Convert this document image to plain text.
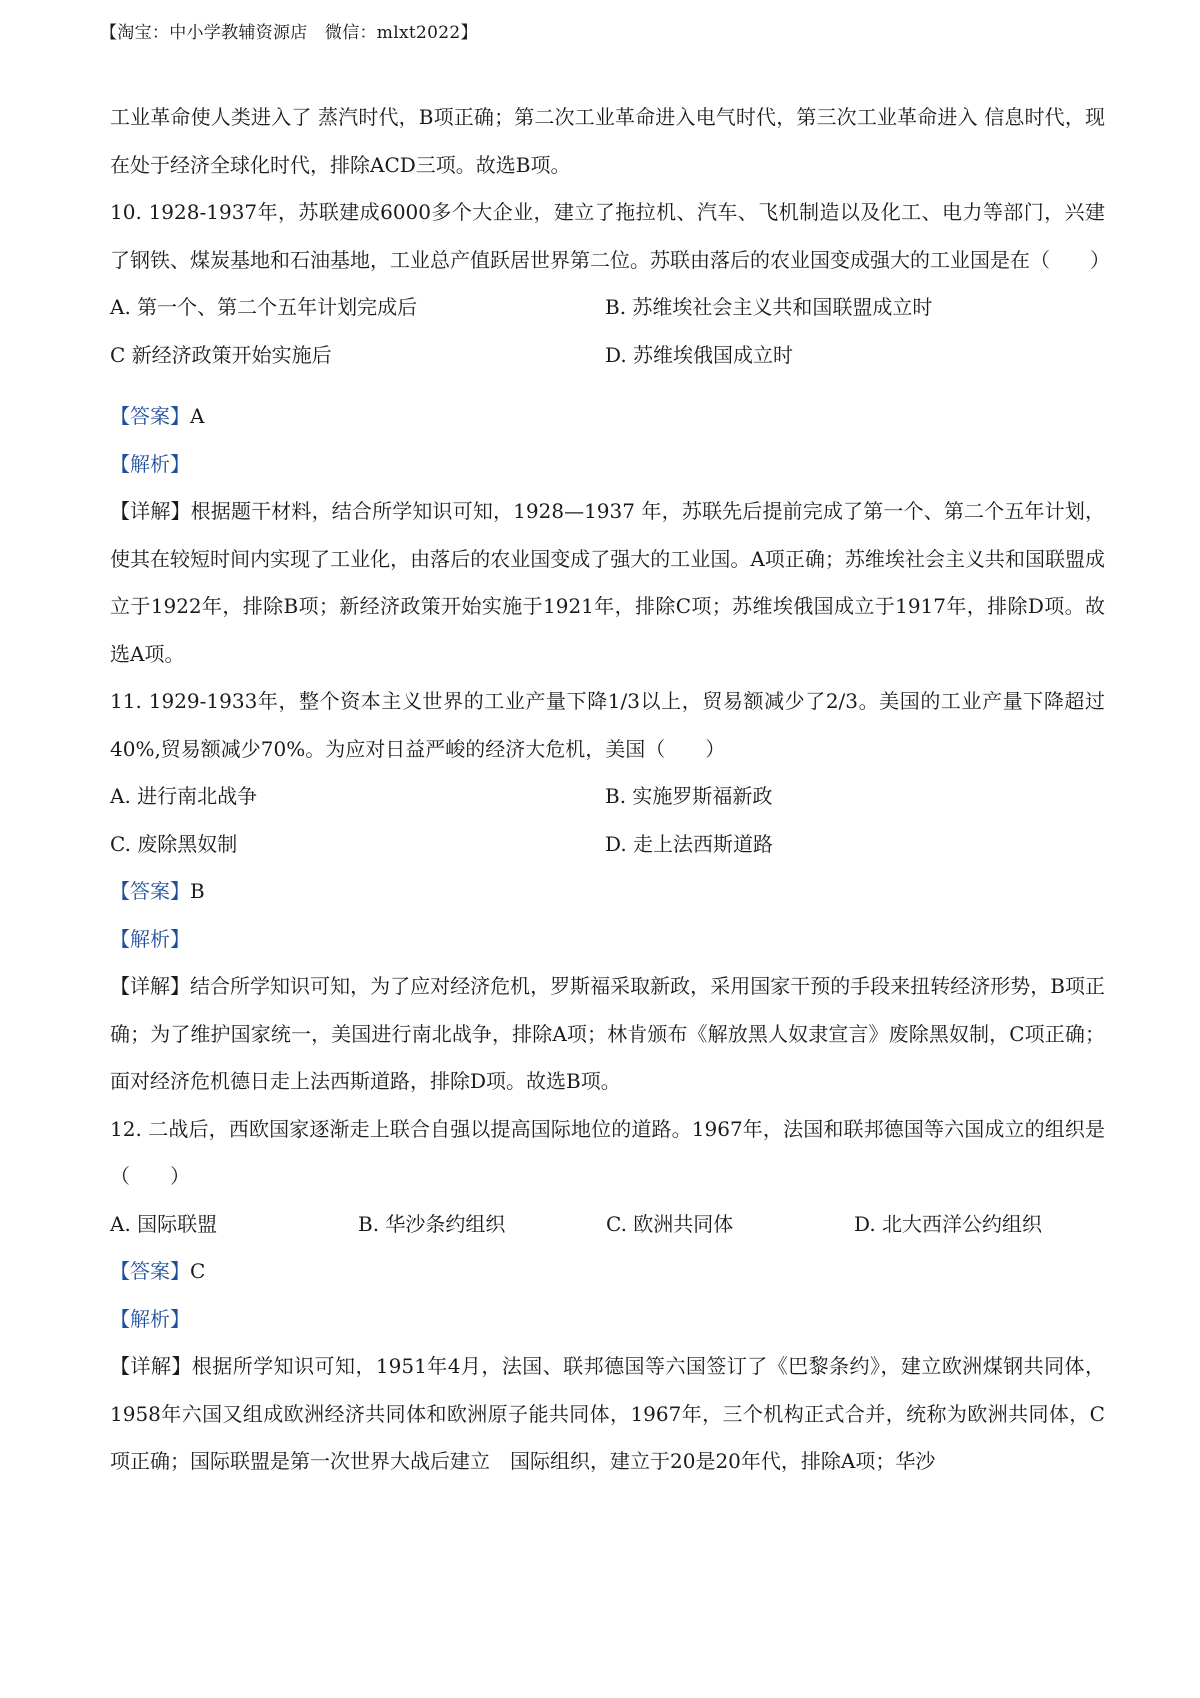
【淘宝：中小学教辅资源店　微信：mlxt2022】

工业革命使人类进入了 蒸汽时代，B项正确；第二次工业革命进入电气时代，第三次工业革命进入 信息时代，现在处于经济全球化时代，排除ACD三项。故选B项。

10. 1928-1937年，苏联建成6000多个大企业，建立了拖拉机、汽车、飞机制造以及化工、电力等部门，兴建了钢铁、煤炭基地和石油基地，工业总产值跃居世界第二位。苏联由落后的农业国变成强大的工业国是在（　　）

A. 第一个、第二个五年计划完成后	B. 苏维埃社会主义共和国联盟成立时
C 新经济政策开始实施后	D. 苏维埃俄国成立时

【答案】A

【解析】

【详解】根据题干材料，结合所学知识可知，1928—1937 年，苏联先后提前完成了第一个、第二个五年计划，使其在较短时间内实现了工业化，由落后的农业国变成了强大的工业国。A项正确；苏维埃社会主义共和国联盟成立于1922年，排除B项；新经济政策开始实施于1921年，排除C项；苏维埃俄国成立于1917年，排除D项。故选A项。

11. 1929-1933年，整个资本主义世界的工业产量下降1/3以上，贸易额减少了2/3。美国的工业产量下降超过40%,贸易额减少70%。为应对日益严峻的经济大危机，美国（　　）

A. 进行南北战争	B. 实施罗斯福新政
C. 废除黑奴制	D. 走上法西斯道路

【答案】B

【解析】

【详解】结合所学知识可知，为了应对经济危机，罗斯福采取新政，采用国家干预的手段来扭转经济形势，B项正确；为了维护国家统一，美国进行南北战争，排除A项；林肯颁布《解放黑人奴隶宣言》废除黑奴制，C项正确；面对经济危机德日走上法西斯道路，排除D项。故选B项。

12. 二战后，西欧国家逐渐走上联合自强以提高国际地位的道路。1967年，法国和联邦德国等六国成立的组织是（　　）

A. 国际联盟	B. 华沙条约组织	C. 欧洲共同体	D. 北大西洋公约组织

【答案】C

【解析】

【详解】根据所学知识可知，1951年4月，法国、联邦德国等六国签订了《巴黎条约》，建立欧洲煤钢共同体，1958年六国又组成欧洲经济共同体和欧洲原子能共同体，1967年，三个机构正式合并，统称为欧洲共同体，C项正确；国际联盟是第一次世界大战后建立　国际组织，建立于20是20年代，排除A项；华沙
